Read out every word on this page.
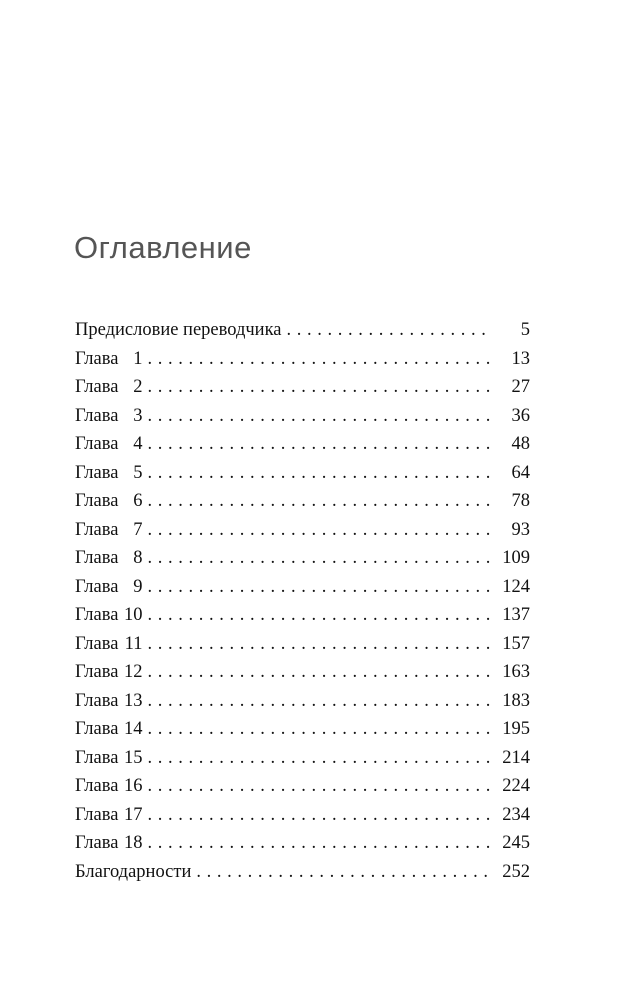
Оглавление
Предисловие переводчика . . .	5
Глава 1 . . .	13
Глава 2 . . .	27
Глава 3 . . .	36
Глава 4 . . .	48
Глава 5 . . .	64
Глава 6 . . .	78
Глава 7 . . .	93
Глава 8 . . .	109
Глава 9 . . .	124
Глава 10 . . .	137
Глава 11 . . .	157
Глава 12 . . .	163
Глава 13 . . .	183
Глава 14 . . .	195
Глава 15 . . .	214
Глава 16 . . .	224
Глава 17 . . .	234
Глава 18 . . .	245
Благодарности . . .	252
